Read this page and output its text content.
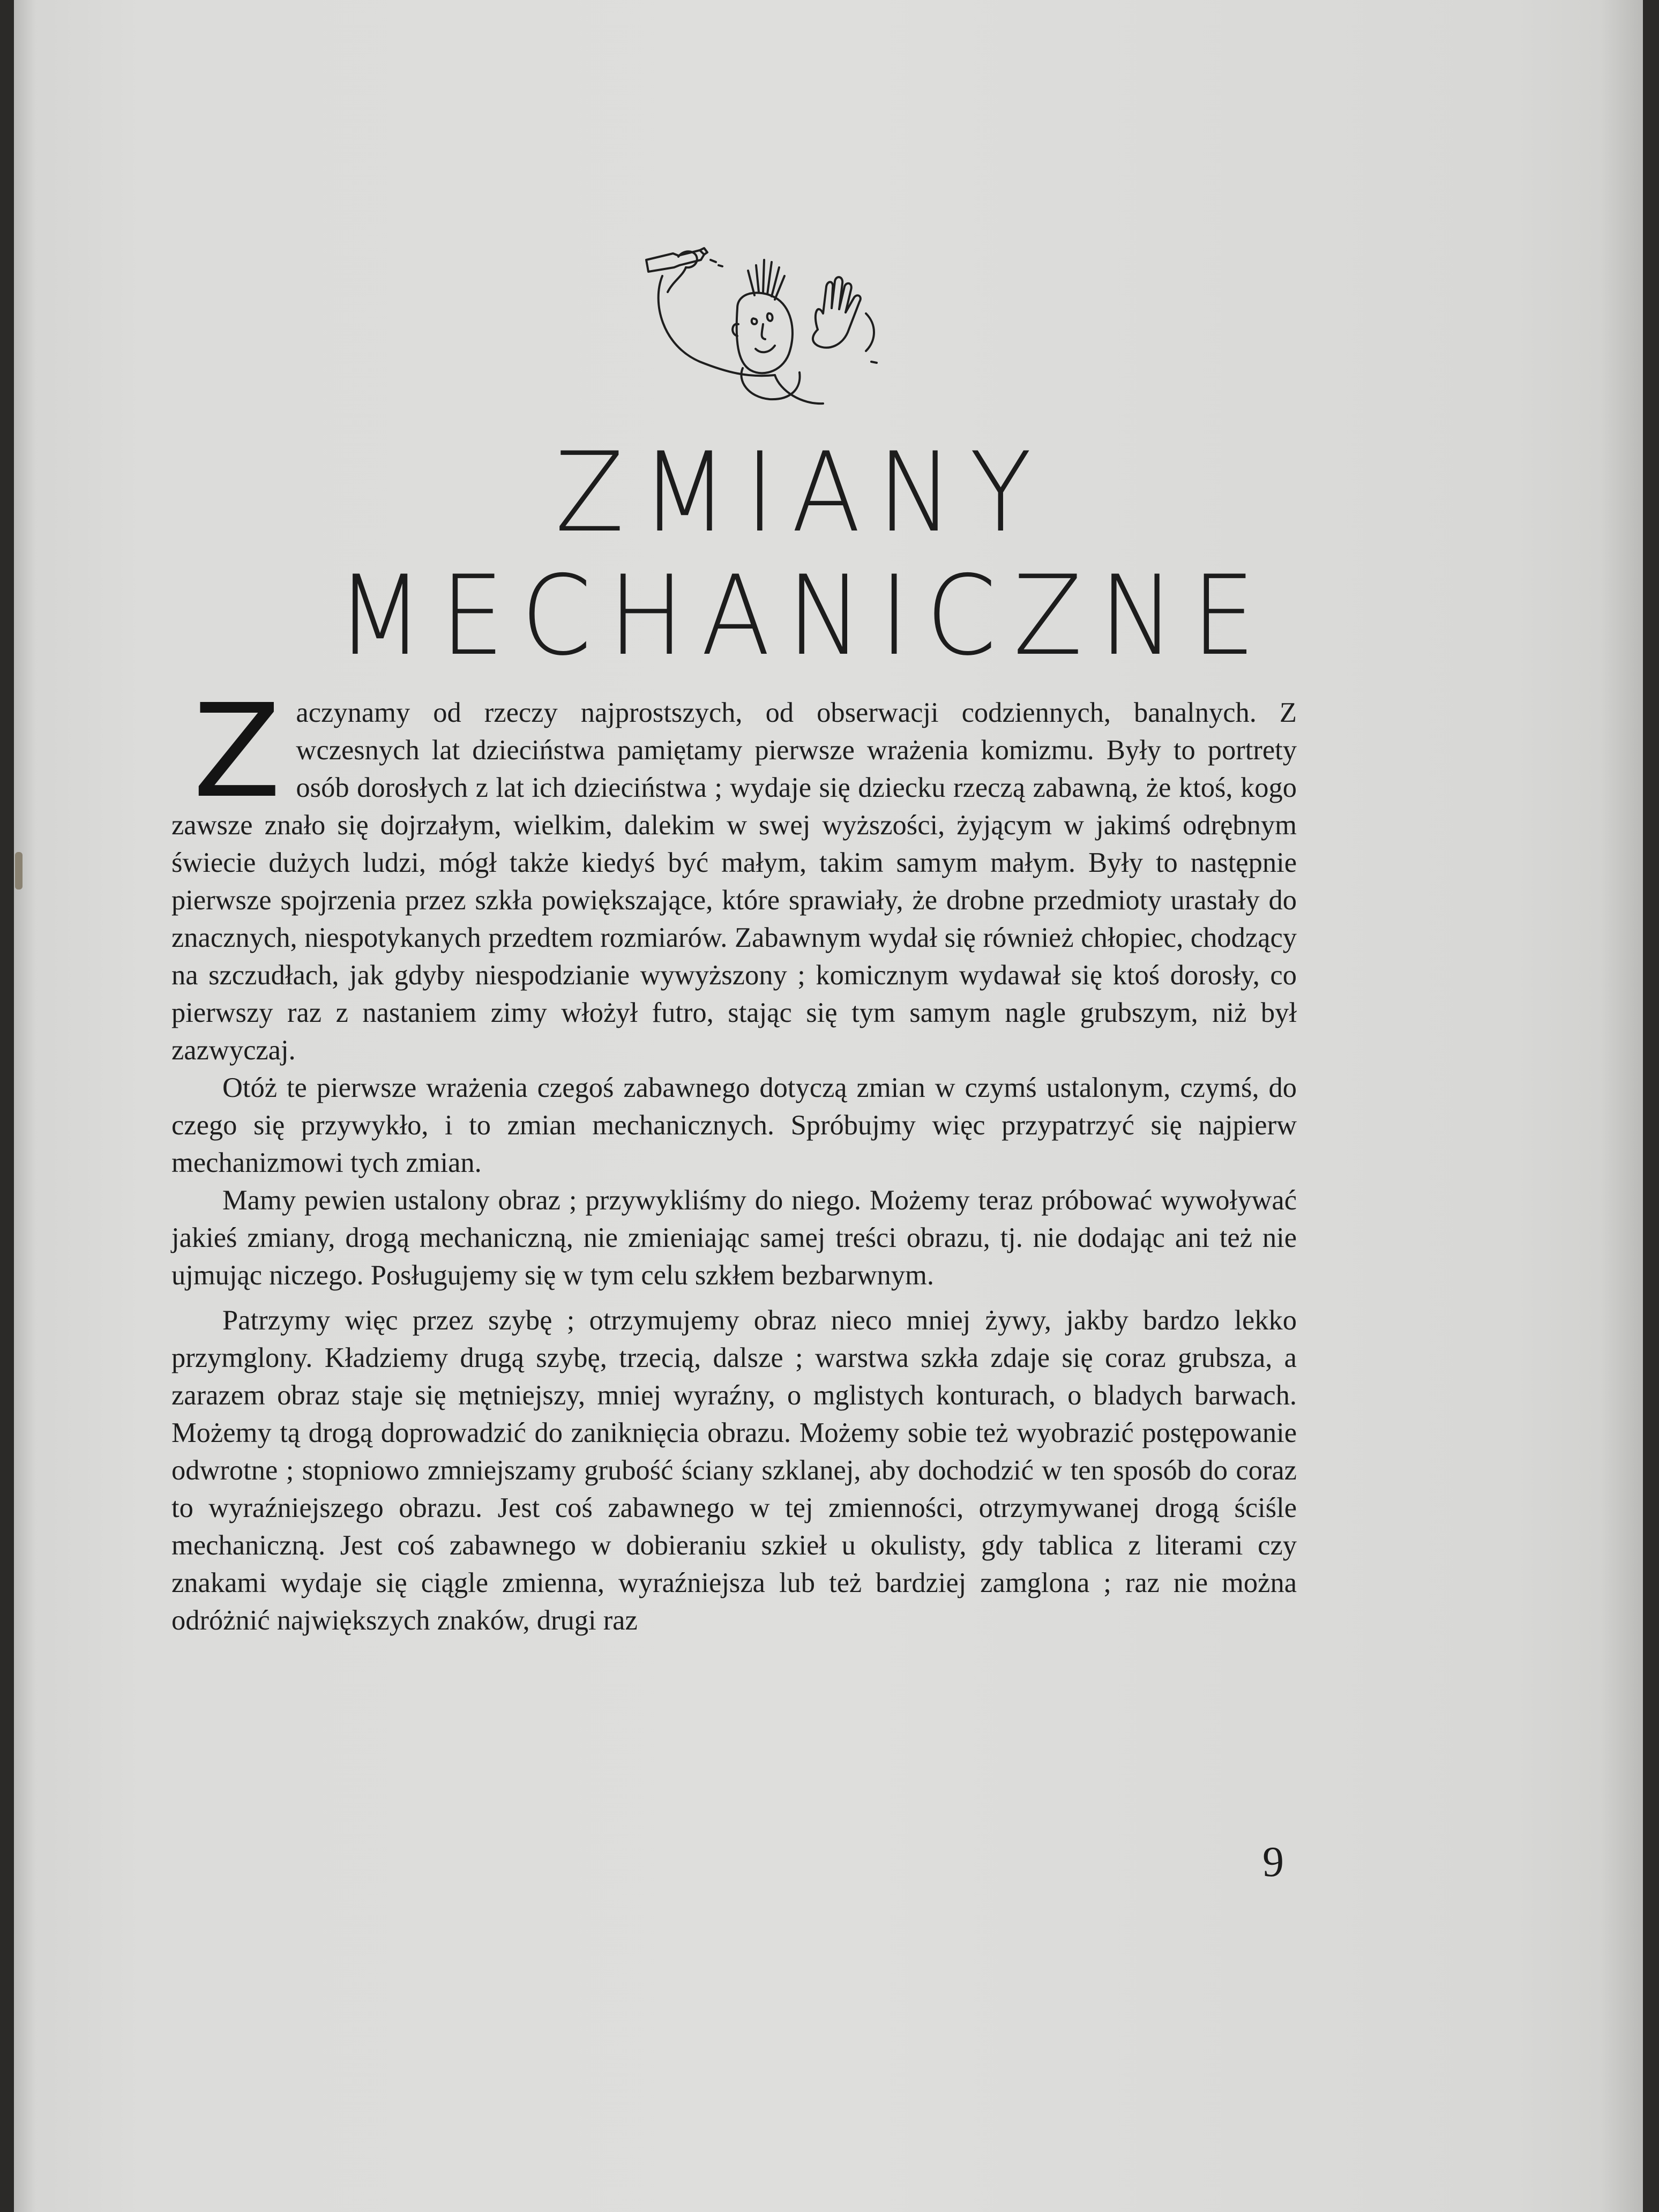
ZMIANY
MECHANICZNE

Zaczynamy od rzeczy najprostszych, od obserwacji codziennych, banalnych. Z wczesnych lat dzieciństwa pamiętamy pierwsze wrażenia komizmu. Były to portrety osób dorosłych z lat ich dzieciństwa ; wydaje się dziecku rzeczą zabawną, że ktoś, kogo zawsze znało się dojrzałym, wielkim, dalekim w swej wyższości, żyjącym w jakimś odrębnym świecie dużych ludzi, mógł także kiedyś być małym, takim samym małym. Były to następnie pierwsze spojrzenia przez szkła powiększające, które sprawiały, że drobne przedmioty urastały do znacznych, niespotykanych przedtem rozmiarów. Zabawnym wydał się również chłopiec, chodzący na szczudłach, jak gdyby niespodzianie wywyższony ; komicznym wydawał się ktoś dorosły, co pierwszy raz z nastaniem zimy włożył futro, stając się tym samym nagle grubszym, niż był zazwyczaj.

Otóż te pierwsze wrażenia czegoś zabawnego dotyczą zmian w czymś ustalonym, czymś, do czego się przywykło, i to zmian mechanicznych. Spróbujmy więc przypatrzyć się najpierw mechanizmowi tych zmian.

Mamy pewien ustalony obraz ; przywykliśmy do niego. Możemy teraz próbować wywoływać jakieś zmiany, drogą mechaniczną, nie zmieniając samej treści obrazu, tj. nie dodając ani też nie ujmując niczego. Posługujemy się w tym celu szkłem bezbarwnym.

Patrzymy więc przez szybę ; otrzymujemy obraz nieco mniej żywy, jakby bardzo lekko przymglony. Kładziemy drugą szybę, trzecią, dalsze ; warstwa szkła zdaje się coraz grubsza, a zarazem obraz staje się mętniejszy, mniej wyraźny, o mglistych konturach, o bladych barwach. Możemy tą drogą doprowadzić do zaniknięcia obrazu. Możemy sobie też wyobrazić postępowanie odwrotne ; stopniowo zmniejszamy grubość ściany szklanej, aby dochodzić w ten sposób do coraz to wyraźniejszego obrazu. Jest coś zabawnego w tej zmienności, otrzymywanej drogą ściśle mechaniczną. Jest coś zabawnego w dobieraniu szkieł u okulisty, gdy tablica z literami czy znakami wydaje się ciągle zmienna, wyraźniejsza lub też bardziej zamglona ; raz nie można odróżnić największych znaków, drugi raz

9
